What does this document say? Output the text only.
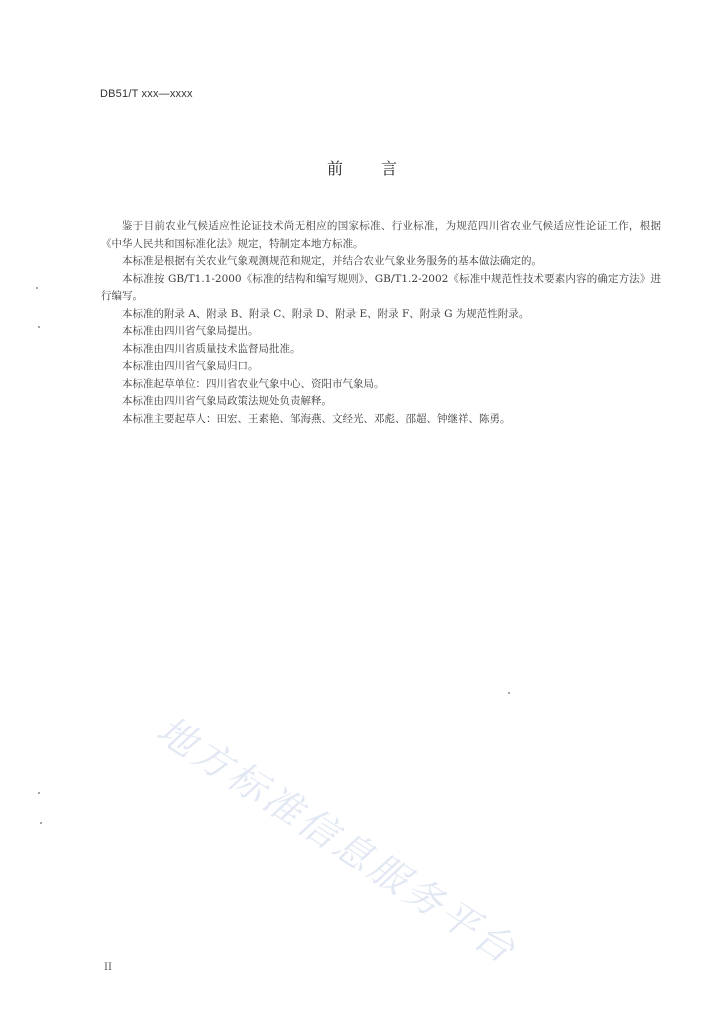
DB51/T xxx—xxxx
前言

鉴于目前农业气候适应性论证技术尚无相应的国家标准、行业标准，为规范四川省农业气候适应性论证工作，根据《中华人民共和国标准化法》规定，特制定本地方标准。

本标准是根据有关农业气象观测规范和规定，并结合农业气象业务服务的基本做法确定的。

本标准按 GB/T1.1-2000《标准的结构和编写规则》、GB/T1.2-2002《标准中规范性技术要素内容的确定方法》进行编写。

本标准的附录 A、附录 B、附录 C、附录 D、附录 E、附录 F、附录 G 为规范性附录。

本标准由四川省气象局提出。

本标准由四川省质量技术监督局批准。

本标准由四川省气象局归口。

本标准起草单位：四川省农业气象中心、资阳市气象局。

本标准由四川省气象局政策法规处负责解释。

本标准主要起草人：田宏、王素艳、邹海燕、文经光、邓彪、邵超、钟继祥、陈勇。

地方标准信息服务平台
II
